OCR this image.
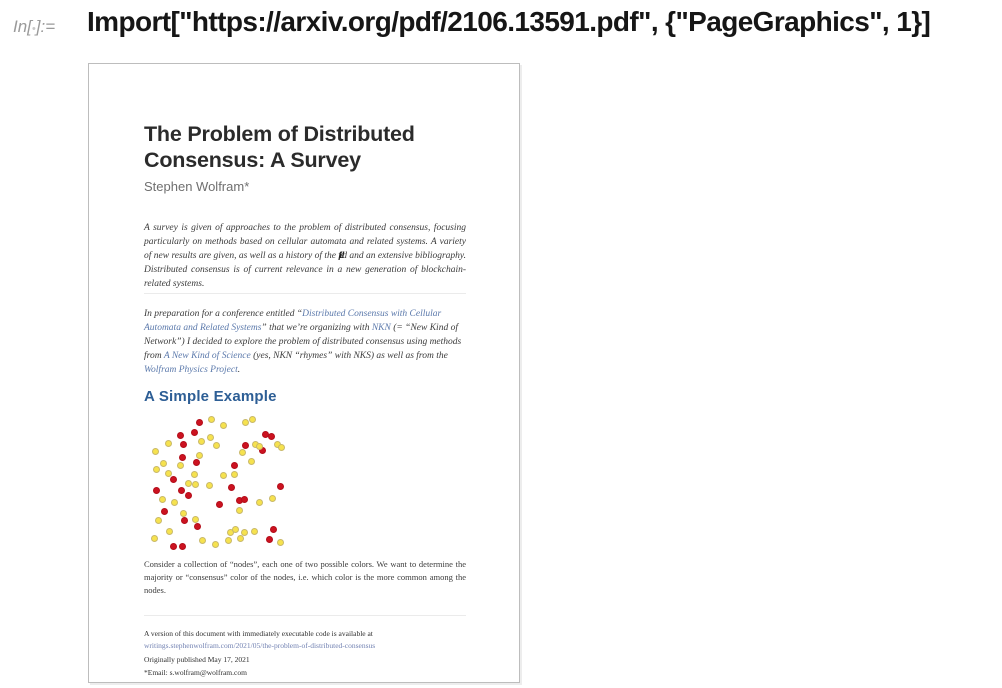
In[•]:= Import["https://arxiv.org/pdf/2106.13591.pdf", {"PageGraphics", 1}]
The Problem of Distributed Consensus: A Survey
Stephen Wolfram*

A survey is given of approaches to the problem of distributed consensus, focusing particularly on methods based on cellular automata and related systems. A variety of new results are given, as well as a history of the field and an extensive bibliography. Distributed consensus is of current relevance in a new generation of blockchain-related systems.

In preparation for a conference entitled “Distributed Consensus with Cellular Automata and Related Systems” that we’re organizing with NKN (= “New Kind of Network”) I decided to explore the problem of distributed consensus using methods from A New Kind of Science (yes, NKN “rhymes” with NKS) as well as from the Wolfram Physics Project.

A Simple Example

Consider a collection of “nodes”, each one of two possible colors. We want to determine the majority or “consensus” color of the nodes, i.e. which color is the more common among the nodes.

A version of this document with immediately executable code is available at
writings.stephenwolfram.com/2021/05/the-problem-of-distributed-consensus
Originally published May 17, 2021
*Email: s.wolfram@wolfram.com
